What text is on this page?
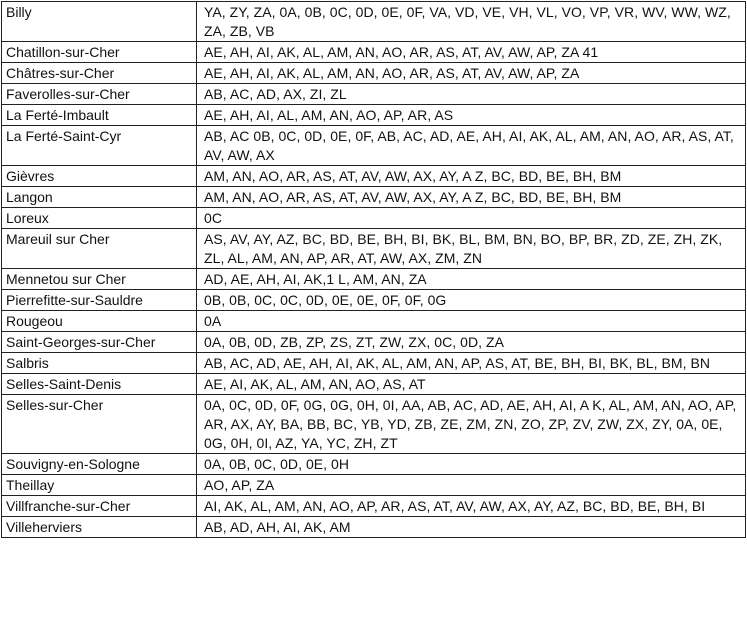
Billy	YA, ZY, ZA, 0A, 0B, 0C, 0D, 0E, 0F, VA, VD, VE, VH, VL, VO, VP, VR, WV, WW, WZ, ZA, ZB, VB
Chatillon-sur-Cher	AE, AH, AI, AK, AL, AM, AN, AO, AR, AS, AT, AV, AW, AP, ZA 41
Châtres-sur-Cher	AE, AH, AI, AK, AL, AM, AN, AO, AR, AS, AT, AV, AW, AP, ZA
Faverolles-sur-Cher	AB, AC, AD, AX, ZI, ZL
La Ferté-Imbault	AE, AH, AI, AL, AM, AN, AO, AP, AR, AS
La Ferté-Saint-Cyr	AB, AC 0B, 0C, 0D, 0E, 0F, AB, AC, AD, AE, AH, AI, AK, AL, AM, AN, AO, AR, AS, AT, AV, AW, AX
Gièvres	AM, AN, AO, AR, AS, AT, AV, AW, AX, AY, A Z, BC, BD, BE, BH, BM
Langon	AM, AN, AO, AR, AS, AT, AV, AW, AX, AY, A Z, BC, BD, BE, BH, BM
Loreux	0C
Mareuil sur Cher	AS, AV, AY, AZ, BC, BD, BE, BH, BI, BK, BL, BM, BN, BO, BP, BR, ZD, ZE, ZH, ZK, ZL, AL, AM, AN, AP, AR, AT, AW, AX, ZM, ZN
Mennetou sur Cher	AD, AE, AH, AI, AK,1 L, AM, AN, ZA
Pierrefitte-sur-Sauldre	0B, 0B, 0C, 0C, 0D, 0E, 0E, 0F, 0F, 0G
Rougeou	0A
Saint-Georges-sur-Cher	0A, 0B, 0D, ZB, ZP, ZS, ZT, ZW, ZX, 0C, 0D, ZA
Salbris	AB, AC, AD, AE, AH, AI, AK, AL, AM, AN, AP, AS, AT, BE, BH, BI, BK, BL, BM, BN
Selles-Saint-Denis	AE, AI, AK, AL, AM, AN, AO, AS, AT
Selles-sur-Cher	0A, 0C, 0D, 0F, 0G, 0G, 0H, 0I, AA, AB, AC, AD, AE, AH, AI, A K, AL, AM, AN, AO, AP, AR, AX, AY, BA, BB, BC, YB, YD, ZB, ZE, ZM, ZN, ZO, ZP, ZV, ZW, ZX, ZY, 0A, 0E, 0G, 0H, 0I, AZ, YA, YC, ZH, ZT
Souvigny-en-Sologne	0A, 0B, 0C, 0D, 0E, 0H
Theillay	AO, AP, ZA
Villfranche-sur-Cher	AI, AK, AL, AM, AN, AO, AP, AR, AS, AT, AV, AW, AX, AY, AZ, BC, BD, BE, BH, BI
Villeherviers	AB, AD, AH, AI, AK, AM
